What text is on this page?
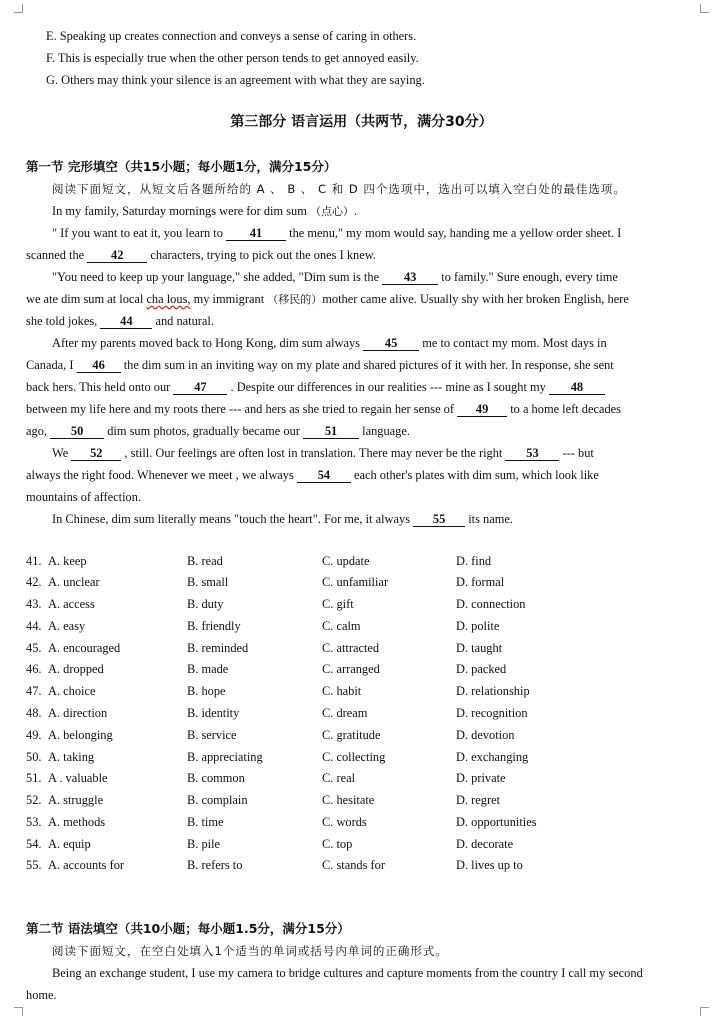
E. Speaking up creates connection and conveys a sense of caring in others.
F. This is especially true when the other person tends to get annoyed easily.
G. Others may think your silence is an agreement with what they are saying.
第三部分 语言运用（共两节，满分30分）
第一节 完形填空（共15小题；每小题1分，满分15分）
阅读下面短文，从短文后各题所给的 A 、 B 、 C 和 D 四个选项中，选出可以填入空白处的最佳选项。
In my family, Saturday mornings were for dim sum （点心）.
" If you want to eat it, you learn to 41 the menu," my mom would say, handing me a yellow order sheet. I
scanned the 42 characters, trying to pick out the ones I knew.
"You need to keep up your language," she added, "Dim sum is the 43 to family." Sure enough, every time
we ate dim sum at local cha lous, my immigrant （移民的）mother came alive. Usually shy with her broken English, here
she told jokes, 44 and natural.
After my parents moved back to Hong Kong, dim sum always 45 me to contact my mom. Most days in
Canada, I 46 the dim sum in an inviting way on my plate and shared pictures of it with her. In response, she sent
back hers. This held onto our 47 . Despite our differences in our realities --- mine as I sought my 48
between my life here and my roots there --- and hers as she tried to regain her sense of 49 to a home left decades
ago, 50 dim sum photos, gradually became our 51 language.
We 52 , still. Our feelings are often lost in translation. There may never be the right 53 --- but
always the right food. Whenever we meet , we always 54 each other's plates with dim sum, which look like
mountains of affection.
In Chinese, dim sum literally means "touch the heart". For me, it always 55 its name.
41. A. keep	B. read	C. update	D. find
42. A. unclear	B. small	C. unfamiliar	D. formal
43. A. access	B. duty	C. gift	D. connection
44. A. easy	B. friendly	C. calm	D. polite
45. A. encouraged	B. reminded	C. attracted	D. taught
46. A. dropped	B. made	C. arranged	D. packed
47. A. choice	B. hope	C. habit	D. relationship
48. A. direction	B. identity	C. dream	D. recognition
49. A. belonging	B. service	C. gratitude	D. devotion
50. A. taking	B. appreciating	C. collecting	D. exchanging
51. A . valuable	B. common	C. real	D. private
52. A. struggle	B. complain	C. hesitate	D. regret
53. A. methods	B. time	C. words	D. opportunities
54. A. equip	B. pile	C. top	D. decorate
55. A. accounts for	B. refers to	C. stands for	D. lives up to
第二节 语法填空（共10小题；每小题1.5分，满分15分）
阅读下面短文，在空白处填入1个适当的单词或括号内单词的正确形式。
Being an exchange student, I use my camera to bridge cultures and capture moments from the country I call my second
home.
